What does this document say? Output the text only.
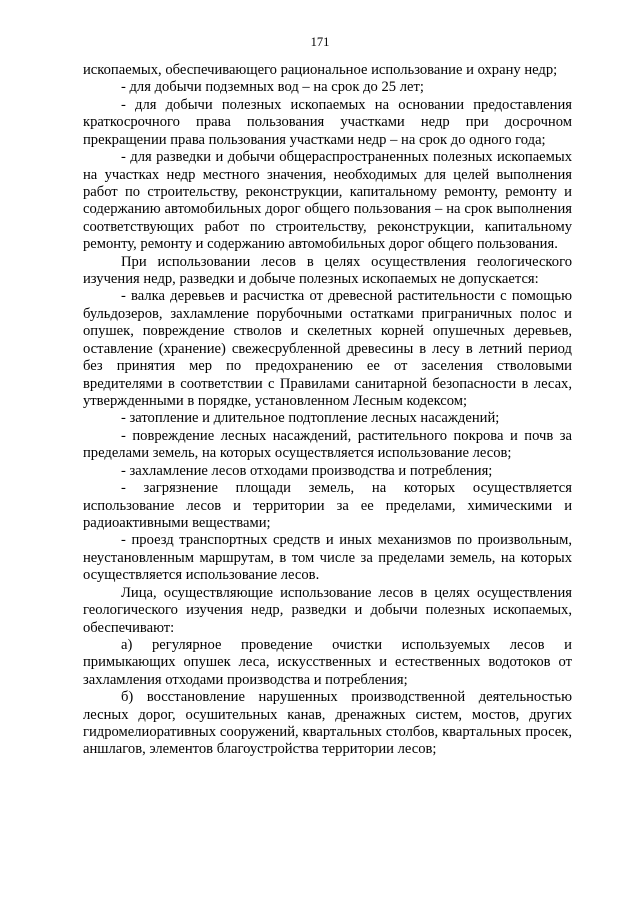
171

ископаемых, обеспечивающего рациональное использование и охрану недр;

- для добычи подземных вод – на срок до 25 лет;

- для добычи полезных ископаемых на основании предоставления краткосрочного права пользования участками недр при досрочном прекращении права пользования участками недр – на срок до одного года;

- для разведки и добычи общераспространенных полезных ископаемых на участках недр местного значения, необходимых для целей выполнения работ по строительству, реконструкции, капитальному ремонту, ремонту и содержанию автомобильных дорог общего пользования – на срок выполнения соответствующих работ по строительству, реконструкции, капитальному ремонту, ремонту и содержанию автомобильных дорог общего пользования.

При использовании лесов в целях осуществления геологического изучения недр, разведки и добыче полезных ископаемых не допускается:

- валка деревьев и расчистка от древесной растительности с помощью бульдозеров, захламление порубочными остатками приграничных полос и опушек, повреждение стволов и скелетных корней опушечных деревьев, оставление (хранение) свежесрубленной древесины в лесу в летний период без принятия мер по предохранению ее от заселения стволовыми вредителями в соответствии с Правилами санитарной безопасности в лесах, утвержденными в порядке, установленном Лесным кодексом;

- затопление и длительное подтопление лесных насаждений;

- повреждение лесных насаждений, растительного покрова и почв за пределами земель, на которых осуществляется использование лесов;

- захламление лесов отходами производства и потребления;

- загрязнение площади земель, на которых осуществляется использование лесов и территории за ее пределами, химическими и радиоактивными веществами;

- проезд транспортных средств и иных механизмов по произвольным, неустановленным маршрутам, в том числе за пределами земель, на которых осуществляется использование лесов.

Лица, осуществляющие использование лесов в целях осуществления геологического изучения недр, разведки и добычи полезных ископаемых, обеспечивают:

а) регулярное проведение очистки используемых лесов и примыкающих опушек леса, искусственных и естественных водотоков от захламления отходами производства и потребления;

б) восстановление нарушенных производственной деятельностью лесных дорог, осушительных канав, дренажных систем, мостов, других гидромелиоративных сооружений, квартальных столбов, квартальных просек, аншлагов, элементов благоустройства территории лесов;
